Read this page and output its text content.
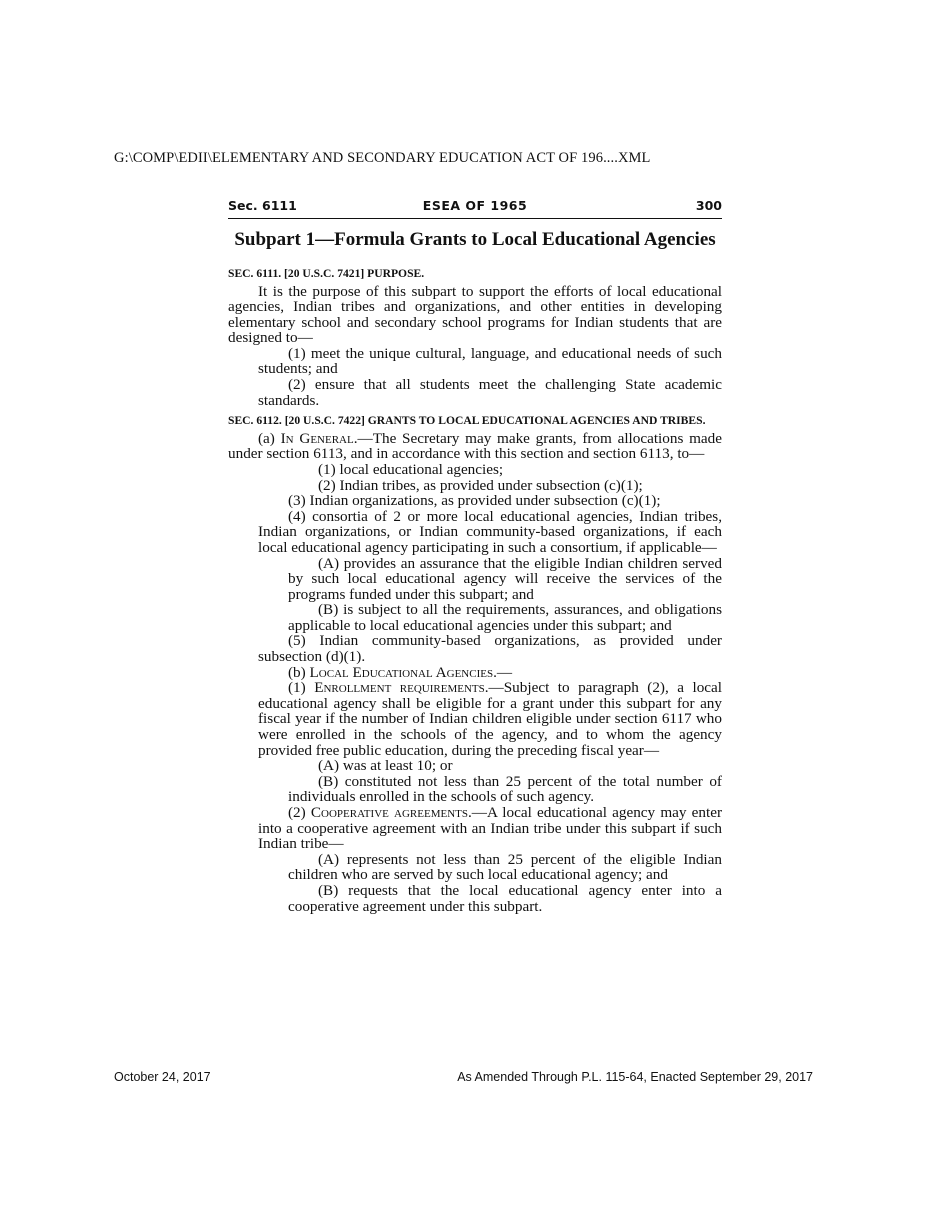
G:\COMP\EDII\ELEMENTARY AND SECONDARY EDUCATION ACT OF 196....XML
Sec. 6111	ESEA OF 1965	300
Subpart 1—Formula Grants to Local Educational Agencies
SEC. 6111. [20 U.S.C. 7421] PURPOSE.

It is the purpose of this subpart to support the efforts of local educational agencies, Indian tribes and organizations, and other entities in developing elementary school and secondary school programs for Indian students that are designed to—

(1) meet the unique cultural, language, and educational needs of such students; and

(2) ensure that all students meet the challenging State academic standards.

SEC. 6112. [20 U.S.C. 7422] GRANTS TO LOCAL EDUCATIONAL AGENCIES AND TRIBES.

(a) In General.—The Secretary may make grants, from allocations made under section 6113, and in accordance with this section and section 6113, to—

(1) local educational agencies;

(2) Indian tribes, as provided under subsection (c)(1);

(3) Indian organizations, as provided under subsection (c)(1);

(4) consortia of 2 or more local educational agencies, Indian tribes, Indian organizations, or Indian community-based organizations, if each local educational agency participating in such a consortium, if applicable—

(A) provides an assurance that the eligible Indian children served by such local educational agency will receive the services of the programs funded under this subpart; and

(B) is subject to all the requirements, assurances, and obligations applicable to local educational agencies under this subpart; and

(5) Indian community-based organizations, as provided under subsection (d)(1).

(b) Local Educational Agencies.—

(1) Enrollment requirements.—Subject to paragraph (2), a local educational agency shall be eligible for a grant under this subpart for any fiscal year if the number of Indian children eligible under section 6117 who were enrolled in the schools of the agency, and to whom the agency provided free public education, during the preceding fiscal year—

(A) was at least 10; or

(B) constituted not less than 25 percent of the total number of individuals enrolled in the schools of such agency.

(2) Cooperative agreements.—A local educational agency may enter into a cooperative agreement with an Indian tribe under this subpart if such Indian tribe—

(A) represents not less than 25 percent of the eligible Indian children who are served by such local educational agency; and

(B) requests that the local educational agency enter into a cooperative agreement under this subpart.

October 24, 2017	As Amended Through P.L. 115-64, Enacted September 29, 2017
